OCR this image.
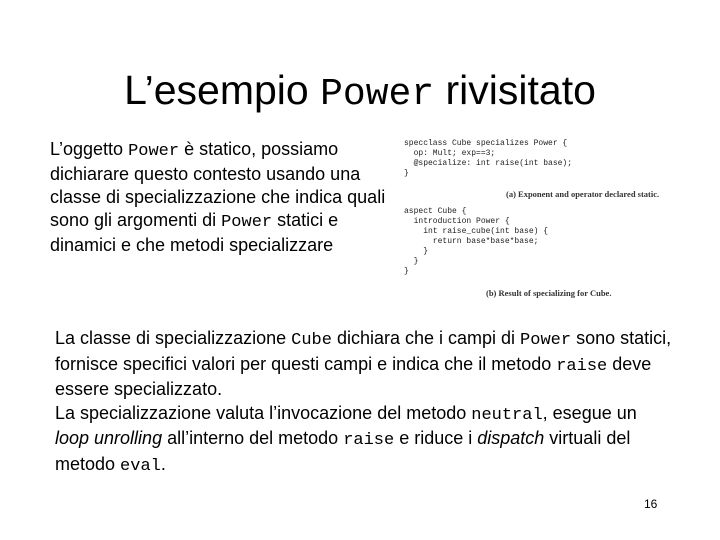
L’esempio Power rivisitato
L’oggetto Power è statico, possiamo dichiarare questo contesto usando una classe di specializzazione che indica quali sono gli argomenti di Power statici e dinamici e che metodi specializzare
specclass Cube specializes Power {
op: Mult; exp==3;
@specialize: int raise(int base);
}
(a) Exponent and operator declared static.
aspect Cube {
introduction Power {
int raise_cube(int base) {
return base*base*base;
}
}
}
(b) Result of specializing for Cube.

La classe di specializzazione Cube dichiara che i campi di Power sono statici, fornisce specifici valori per questi campi e indica che il metodo raise deve essere specializzato.

La specializzazione valuta l’invocazione del metodo neutral, esegue un loop unrolling all’interno del metodo raise e riduce i dispatch virtuali del metodo eval.

16
